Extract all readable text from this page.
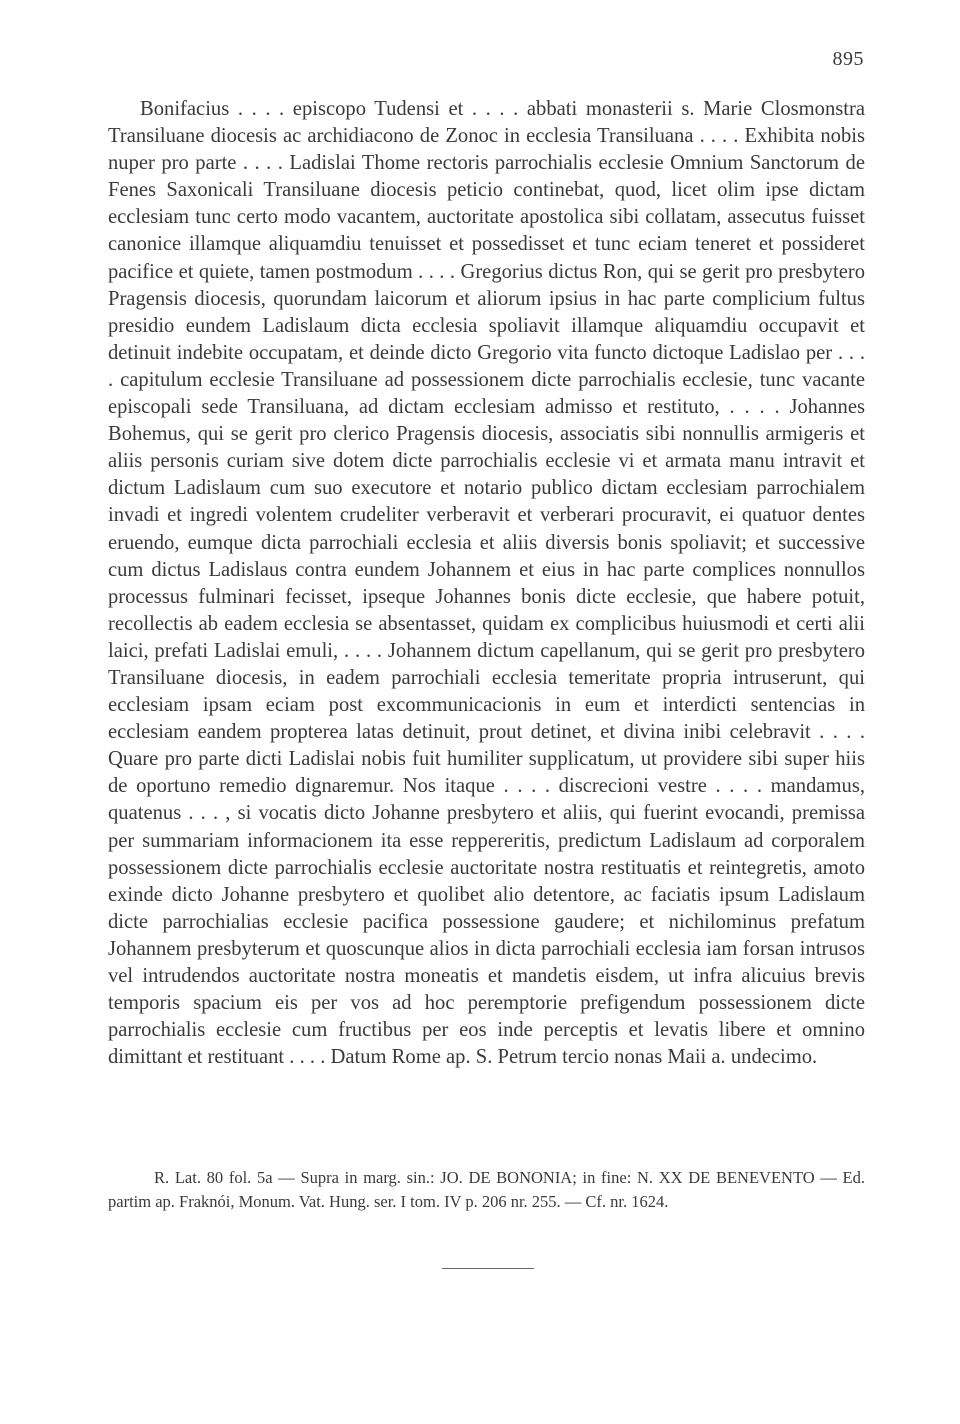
895

Bonifacius . . . . episcopo Tudensi et . . . . abbati monasterii s. Marie Closmonstra Transiluane diocesis ac archidiacono de Zonoc in ecclesia Transiluana . . . . Exhibita nobis nuper pro parte . . . . Ladislai Thome rectoris parrochialis ecclesie Omnium Sanctorum de Fenes Saxonicali Transiluane diocesis peticio continebat, quod, licet olim ipse dictam ecclesiam tunc certo modo vacantem, auctoritate apostolica sibi collatam, assecutus fuisset canonice illamque aliquamdiu tenuisset et possedisset et tunc eciam teneret et possideret pacifice et quiete, tamen postmodum . . . . Gregorius dictus Ron, qui se gerit pro presbytero Pragensis diocesis, quorundam laicorum et aliorum ipsius in hac parte complicium fultus presidio eundem Ladislaum dicta ecclesia spoliavit illamque aliquamdiu occupavit et detinuit indebite occupatam, et deinde dicto Gregorio vita functo dictoque Ladislao per . . . . capitulum ecclesie Transiluane ad possessionem dicte parrochialis ecclesie, tunc vacante episcopali sede Transiluana, ad dictam ecclesiam admisso et restituto, . . . . Johannes Bohemus, qui se gerit pro clerico Pragensis diocesis, associatis sibi nonnullis armigeris et aliis personis curiam sive dotem dicte parrochialis ecclesie vi et armata manu intravit et dictum Ladislaum cum suo executore et notario publico dictam ecclesiam parrochialem invadi et ingredi volentem crudeliter verberavit et verberari procuravit, ei quatuor dentes eruendo, eumque dicta parrochiali ecclesia et aliis diversis bonis spoliavit; et successive cum dictus Ladislaus contra eundem Johannem et eius in hac parte complices nonnullos processus fulminari fecisset, ipseque Johannes bonis dicte ecclesie, que habere potuit, recollectis ab eadem ecclesia se absentasset, quidam ex complicibus huiusmodi et certi alii laici, prefati Ladislai emuli, . . . . Johannem dictum capellanum, qui se gerit pro presbytero Transiluane diocesis, in eadem parrochiali ecclesia temeritate propria intruserunt, qui ecclesiam ipsam eciam post excommunicacionis in eum et interdicti sentencias in ecclesiam eandem propterea latas detinuit, prout detinet, et divina inibi celebravit . . . . Quare pro parte dicti Ladislai nobis fuit humiliter supplicatum, ut providere sibi super hiis de oportuno remedio dignaremur. Nos itaque . . . . discrecioni vestre . . . . mandamus, quatenus . . . , si vocatis dicto Johanne presbytero et aliis, qui fuerint evocandi, premissa per summariam informacionem ita esse reppereritis, predictum Ladislaum ad corporalem possessionem dicte parrochialis ecclesie auctoritate nostra restituatis et reintegretis, amoto exinde dicto Johanne presbytero et quolibet alio detentore, ac faciatis ipsum Ladislaum dicte parrochialias ecclesie pacifica possessione gaudere; et nichilominus prefatum Johannem presbyterum et quoscunque alios in dicta parrochiali ecclesia iam forsan intrusos vel intrudendos auctoritate nostra moneatis et mandetis eisdem, ut infra alicuius brevis temporis spacium eis per vos ad hoc peremptorie prefigendum possessionem dicte parrochialis ecclesie cum fructibus per eos inde perceptis et levatis libere et omnino dimittant et restituant . . . . Datum Rome ap. S. Petrum tercio nonas Maii a. undecimo.

R. Lat. 80 fol. 5a — Supra in marg. sin.: JO. DE BONONIA; in fine: N. XX DE BENEVENTO — Ed. partim ap. Fraknói, Monum. Vat. Hung. ser. I tom. IV p. 206 nr. 255. — Cf. nr. 1624.
